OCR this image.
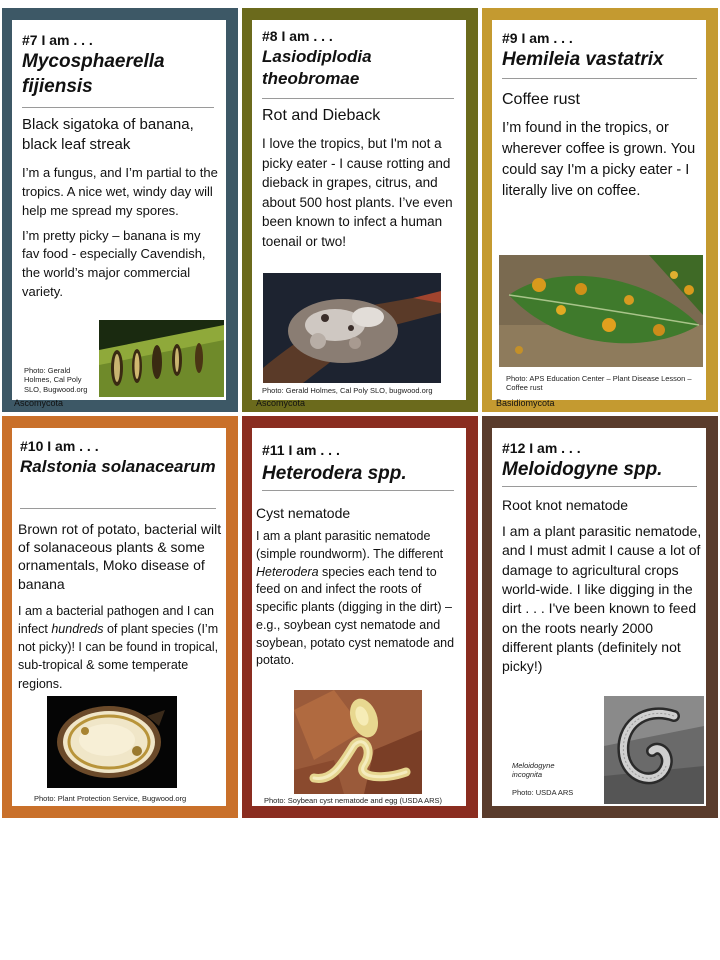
#7 I am . . .
Mycosphaerella fijiensis
Black sigatoka of banana, black leaf streak

I’m a fungus, and I’m partial to the tropics. A nice wet, windy day will help me spread my spores.

I’m pretty picky – banana is my fav food - especially Cavendish, the world’s major commercial variety.

Photo: Gerald Holmes, Cal Poly SLO, Bugwood.org
Ascomycota
#8 I am . . .
Lasiodiplodia theobromae
Rot and Dieback

I love the tropics, but I'm not a picky eater - I cause rotting and dieback in grapes, citrus, and about 500 host plants. I’ve even been known to infect a human toenail or two!

Photo: Gerald Holmes, Cal Poly SLO, bugwood.org
Ascomycota
#9 I am . . .
Hemileia vastatrix
Coffee rust

I’m found in the tropics, or wherever coffee is grown. You could say I'm a picky eater - I literally live on coffee.

Photo: APS Education Center – Plant Disease Lesson – Coffee rust
Basidiomycota
#10 I am . . .
Ralstonia solanacearum
Brown rot of potato, bacterial wilt of solanaceous plants & some ornamentals, Moko disease of banana

I am a bacterial pathogen and I can infect hundreds of plant species (I’m not picky)! I can be found in tropical, sub-tropical & some temperate regions.

Photo: Plant Protection Service, Bugwood.org
#11 I am . . .
Heterodera spp.
Cyst nematode

I am a plant parasitic nematode (simple roundworm). The different Heterodera species each tend to feed on and infect the roots of specific plants (digging in the dirt) – e.g., soybean cyst nematode and soybean, potato cyst nematode and potato.

Photo: Soybean cyst nematode and egg (USDA ARS)
#12 I am . . .
Meloidogyne spp.
Root knot nematode

I am a plant parasitic nematode, and I must admit I cause a lot of damage to agricultural crops world-wide. I like digging in the dirt . . . I've been known to feed on the roots nearly 2000 different plants (definitely not picky!)

Meloidogyne incognita
Photo: USDA ARS
